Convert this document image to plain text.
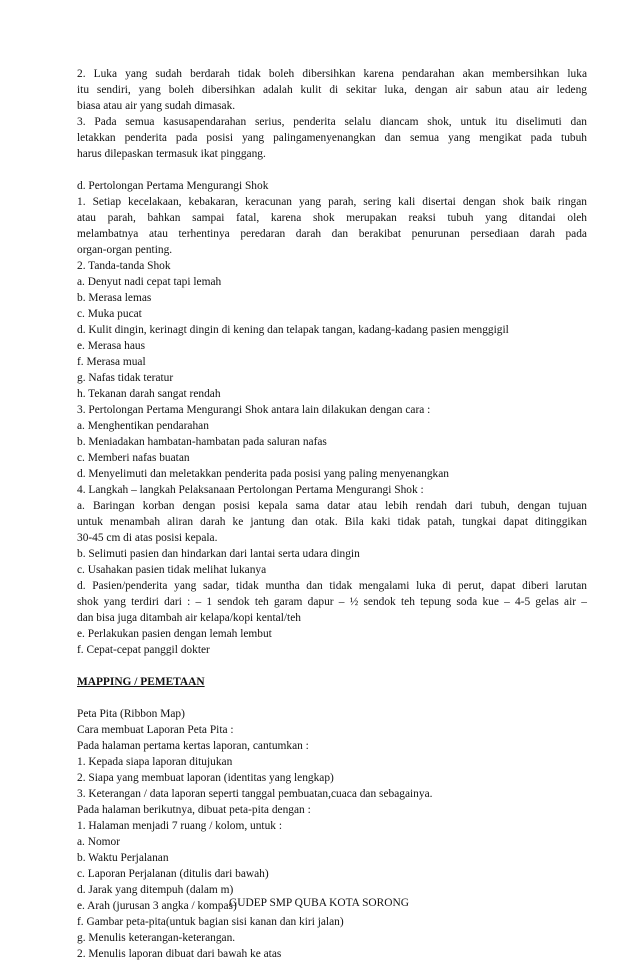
2. Luka yang sudah berdarah tidak boleh dibersihkan karena pendarahan akan membersihkan luka
itu sendiri, yang boleh dibersihkan adalah kulit di sekitar luka, dengan air sabun atau air ledeng
biasa atau air yang sudah dimasak.
3. Pada semua kasusapendarahan serius, penderita selalu diancam shok, untuk itu diselimuti dan
letakkan penderita pada posisi yang palingamenyenangkan dan semua yang mengikat pada tubuh
harus dilepaskan termasuk ikat pinggang.
d. Pertolongan Pertama Mengurangi Shok
1. Setiap kecelakaan, kebakaran, keracunan yang parah, sering kali disertai dengan shok baik ringan
atau parah, bahkan sampai fatal, karena shok merupakan reaksi tubuh yang ditandai oleh
melambatnya atau terhentinya peredaran darah dan berakibat penurunan persediaan darah pada
organ-organ penting.
2. Tanda-tanda Shok
a. Denyut nadi cepat tapi lemah
b. Merasa lemas
c. Muka pucat
d. Kulit dingin, kerinagt dingin di kening dan telapak tangan, kadang-kadang pasien menggigil
e. Merasa haus
f. Merasa mual
g. Nafas tidak teratur
h. Tekanan darah sangat rendah
3. Pertolongan Pertama Mengurangi Shok antara lain dilakukan dengan cara :
a. Menghentikan pendarahan
b. Meniadakan hambatan-hambatan pada saluran nafas
c. Memberi nafas buatan
d. Menyelimuti dan meletakkan penderita pada posisi yang paling menyenangkan
4. Langkah – langkah Pelaksanaan Pertolongan Pertama Mengurangi Shok :
a. Baringan korban dengan posisi kepala sama datar atau lebih rendah dari tubuh, dengan tujuan
untuk menambah aliran darah ke jantung dan otak. Bila kaki tidak patah, tungkai dapat ditinggikan
30-45 cm di atas posisi kepala.
b. Selimuti pasien dan hindarkan dari lantai serta udara dingin
c. Usahakan pasien tidak melihat lukanya
d. Pasien/penderita yang sadar, tidak muntha dan tidak mengalami luka di perut, dapat diberi larutan
shok yang terdiri dari : – 1 sendok teh garam dapur – ½ sendok teh tepung soda kue – 4-5 gelas air –
dan bisa juga ditambah air kelapa/kopi kental/teh
e. Perlakukan pasien dengan lemah lembut
f. Cepat-cepat panggil dokter
MAPPING / PEMETAAN
Peta Pita (Ribbon Map)
Cara membuat Laporan Peta Pita :
Pada halaman pertama kertas laporan, cantumkan :
1. Kepada siapa laporan ditujukan
2. Siapa yang membuat laporan (identitas yang lengkap)
3. Keterangan / data laporan seperti tanggal pembuatan,cuaca dan sebagainya.
Pada halaman berikutnya, dibuat peta-pita dengan :
1. Halaman menjadi 7 ruang / kolom, untuk :
a. Nomor
b. Waktu Perjalanan
c. Laporan Perjalanan (ditulis dari bawah)
d. Jarak yang ditempuh (dalam m)
e. Arah (jurusan 3 angka / kompas)
f. Gambar peta-pita(untuk bagian sisi kanan dan kiri jalan)
g. Menulis keterangan-keterangan.
2. Menulis laporan dibuat dari bawah ke atas
GUDEP SMP QUBA KOTA SORONG
